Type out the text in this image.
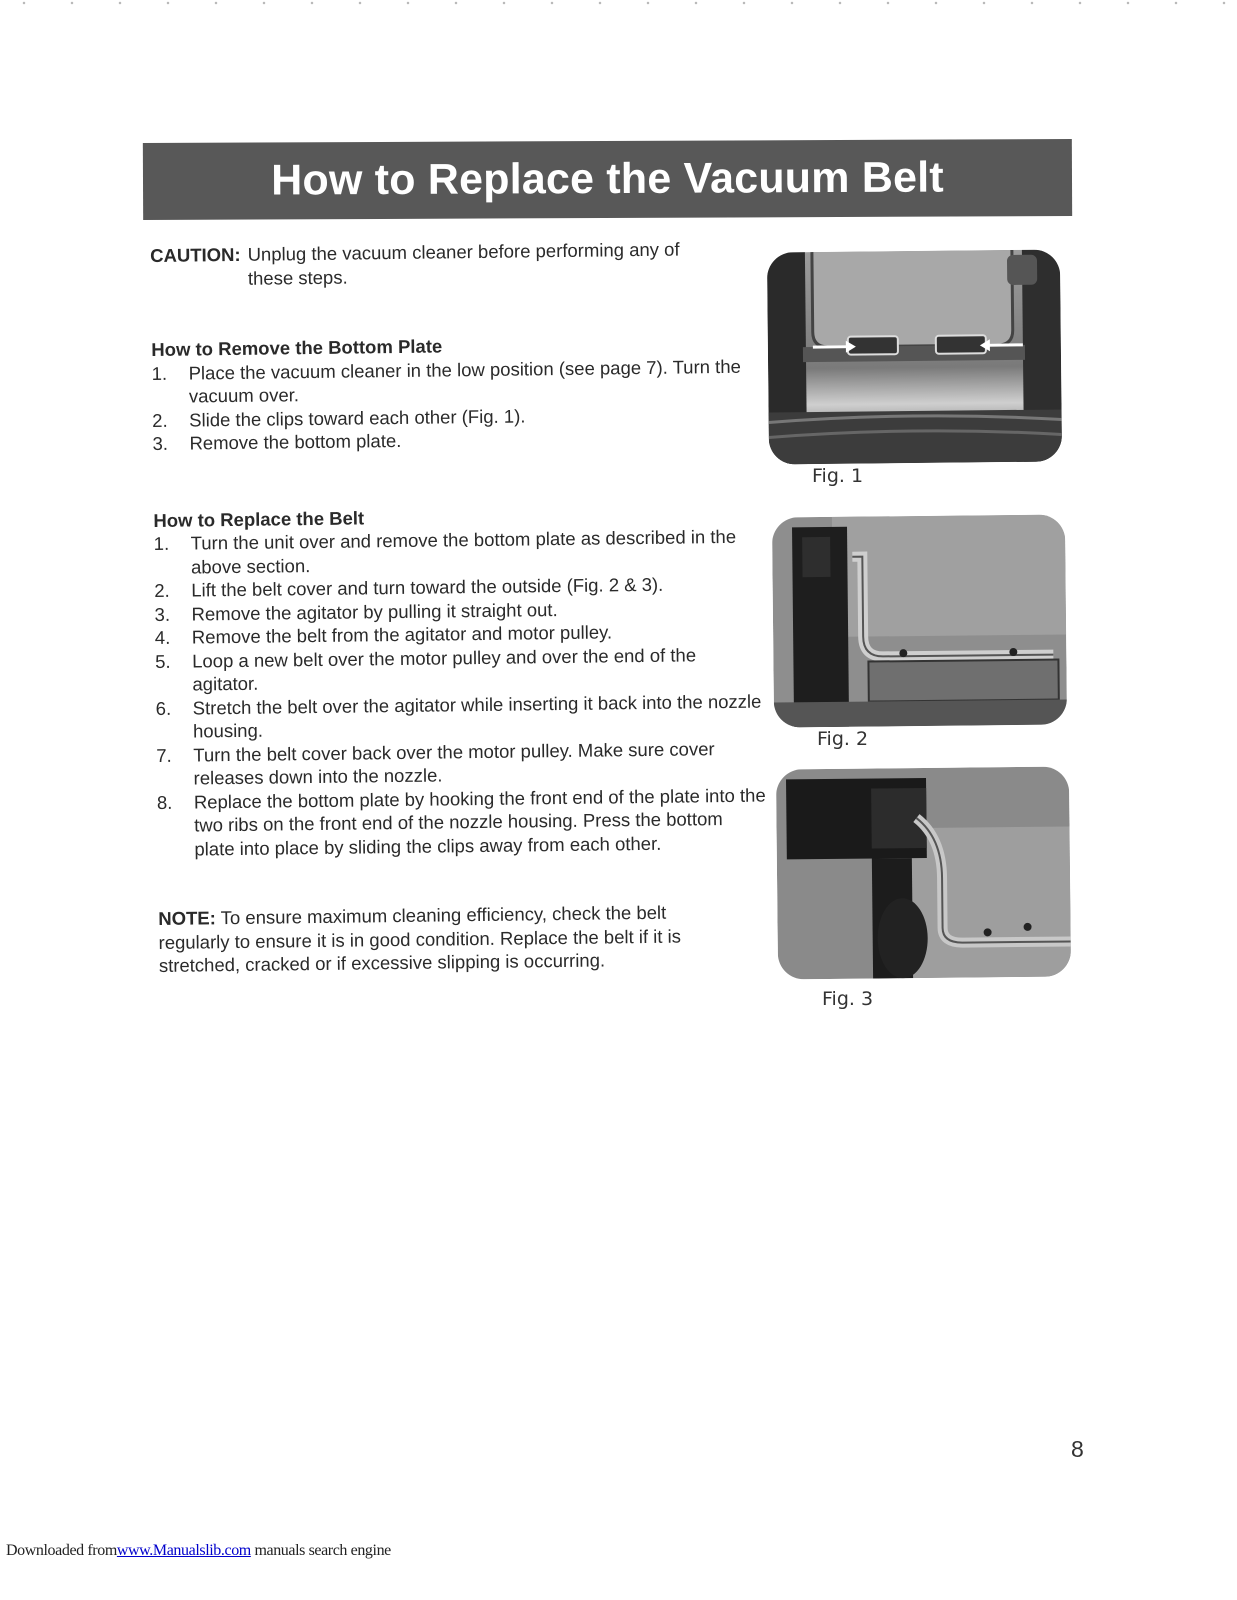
How to Replace the Vacuum Belt
CAUTION: Unplug the vacuum cleaner before performing any of these steps.

How to Remove the Bottom Plate

1.	Place the vacuum cleaner in the low position (see page 7). Turn the vacuum over.
2.	Slide the clips toward each other (Fig. 1).
3.	Remove the bottom plate.

How to Replace the Belt

1.	Turn the unit over and remove the bottom plate as described in the above section.
2.	Lift the belt cover and turn toward the outside (Fig. 2 & 3).
3.	Remove the agitator by pulling it straight out.
4.	Remove the belt from the agitator and motor pulley.
5.	Loop a new belt over the motor pulley and over the end of the agitator.
6.	Stretch the belt over the agitator while inserting it back into the nozzle housing.
7.	Turn the belt cover back over the motor pulley. Make sure cover releases down into the nozzle.
8.	Replace the bottom plate by hooking the front end of the plate into the two ribs on the front end of the nozzle housing. Press the bottom plate into place by sliding the clips away from each other.
NOTE: To ensure maximum cleaning efficiency, check the belt regularly to ensure it is in good condition. Replace the belt if it is stretched, cracked or if excessive slipping is occurring.
Fig. 1
Fig. 2
Fig. 3
8
Downloaded fromwww.Manualslib.com manuals search engine
